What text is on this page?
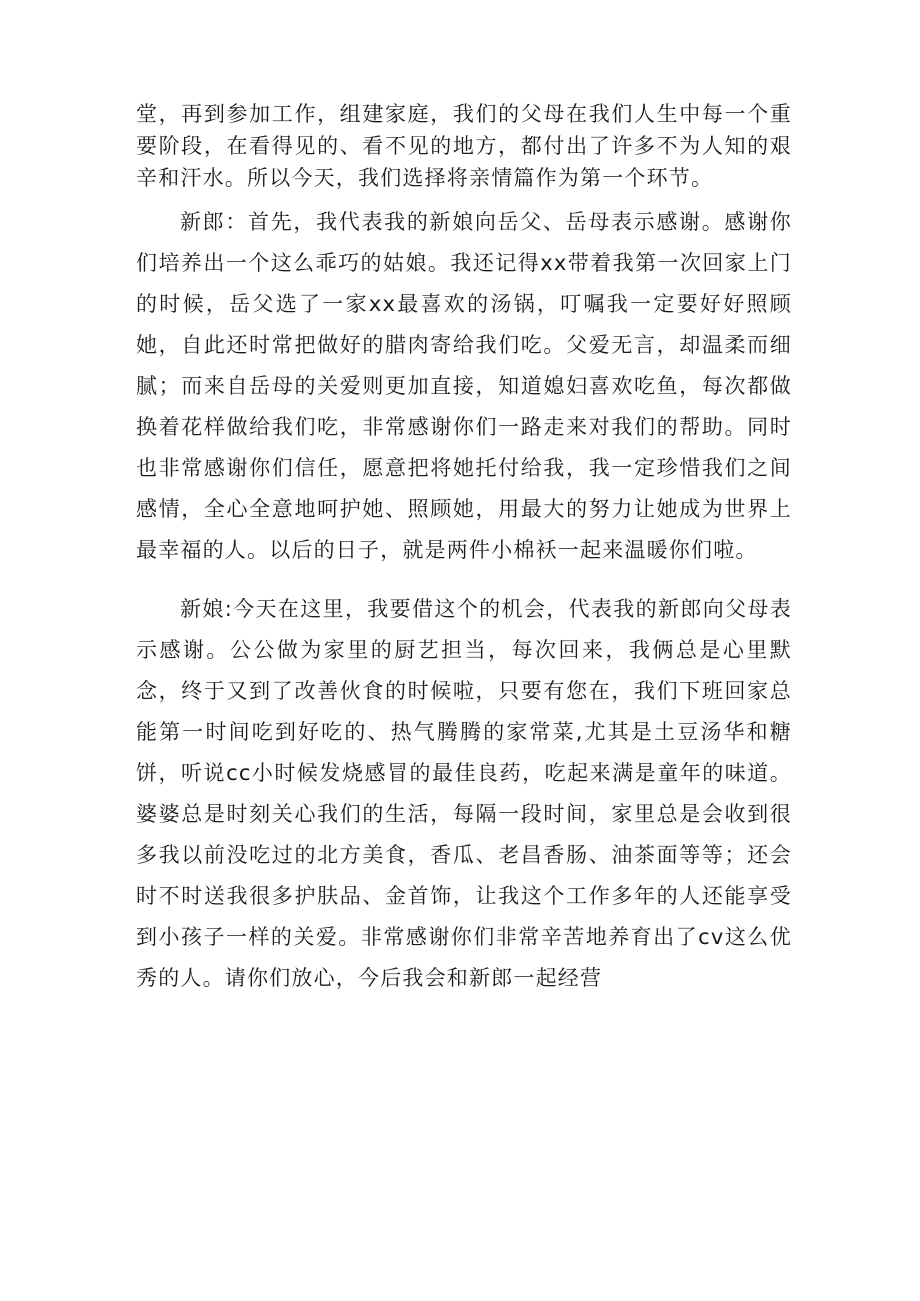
堂，再到参加工作，组建家庭，我们的父母在我们人生中每一个重要阶段，在看得见的、看不见的地方，都付出了许多不为人知的艰辛和汗水。所以今天，我们选择将亲情篇作为第一个环节。

新郎：首先，我代表我的新娘向岳父、岳母表示感谢。感谢你们培养出一个这么乖巧的姑娘。我还记得xx带着我第一次回家上门的时候，岳父选了一家xx最喜欢的汤锅，叮嘱我一定要好好照顾她，自此还时常把做好的腊肉寄给我们吃。父爱无言，却温柔而细腻；而来自岳母的关爱则更加直接，知道媳妇喜欢吃鱼，每次都做换着花样做给我们吃，非常感谢你们一路走来对我们的帮助。同时也非常感谢你们信任，愿意把将她托付给我，我一定珍惜我们之间感情，全心全意地呵护她、照顾她，用最大的努力让她成为世界上最幸福的人。以后的日子，就是两件小棉袄一起来温暖你们啦。

新娘:今天在这里，我要借这个的机会，代表我的新郎向父母表示感谢。公公做为家里的厨艺担当，每次回来，我俩总是心里默念，终于又到了改善伙食的时候啦，只要有您在，我们下班回家总能第一时间吃到好吃的、热气腾腾的家常菜,尤其是土豆汤华和糖饼，听说cc小时候发烧感冒的最佳良药，吃起来满是童年的味道。婆婆总是时刻关心我们的生活，每隔一段时间，家里总是会收到很多我以前没吃过的北方美食，香瓜、老昌香肠、油茶面等等；还会时不时送我很多护肤品、金首饰，让我这个工作多年的人还能享受到小孩子一样的关爱。非常感谢你们非常辛苦地养育出了cv这么优秀的人。请你们放心，今后我会和新郎一起经营
